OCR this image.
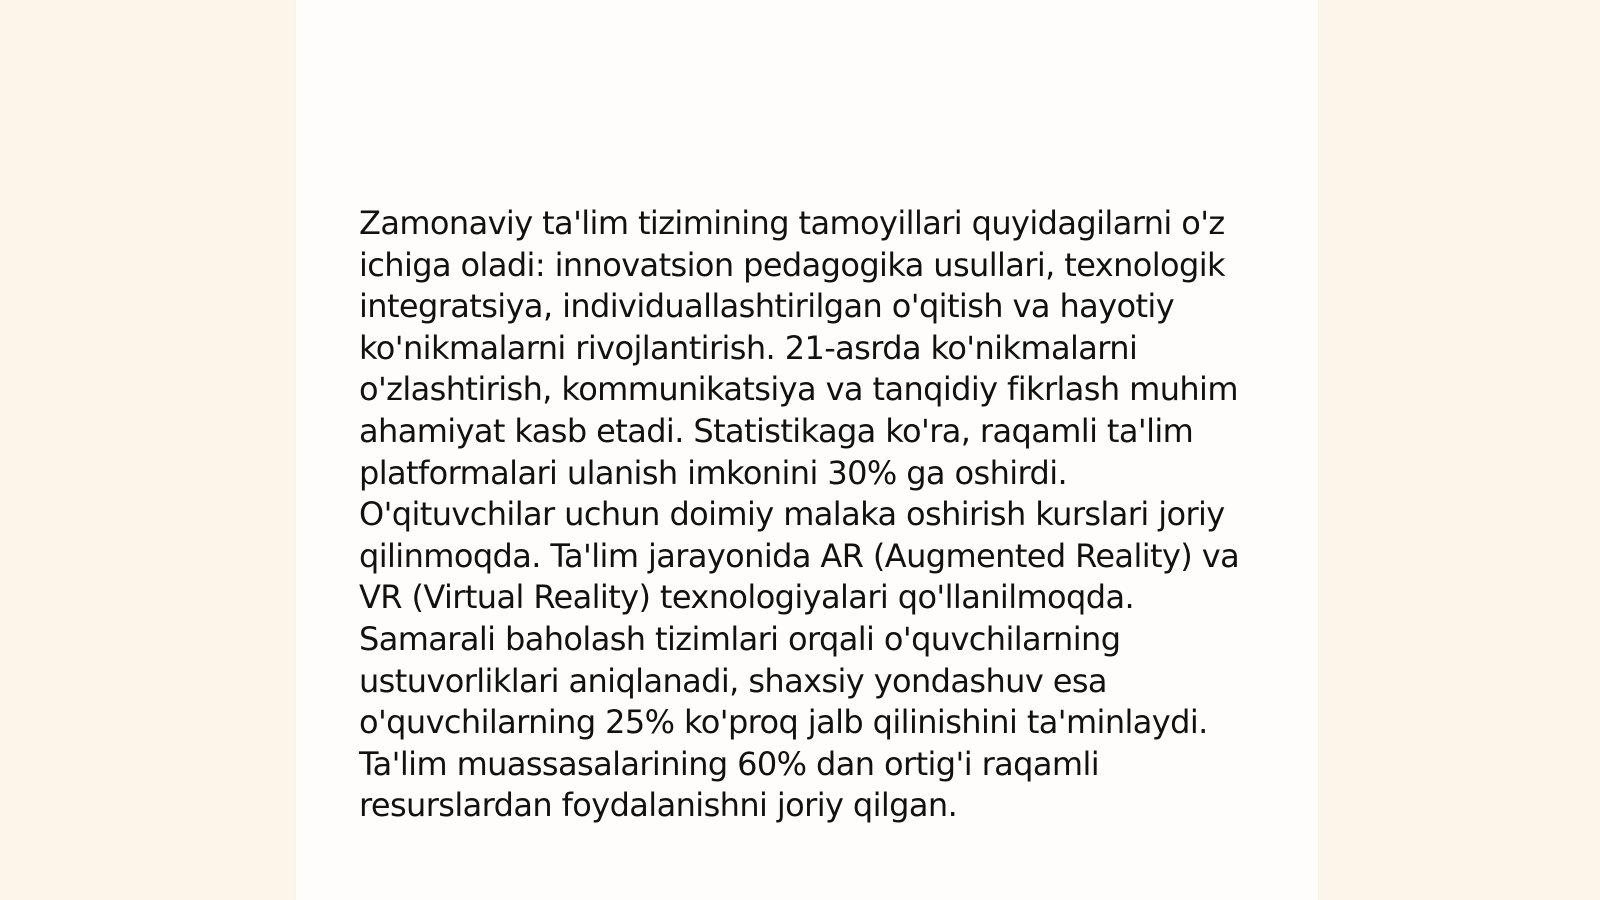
Zamonaviy ta'lim tizimining tamoyillari quyidagilarni o'z ichiga oladi: innovatsion pedagogika usullari, texnologik integratsiya, individuallashtirilgan o'qitish va hayotiy ko'nikmalarni rivojlantirish. 21-asrda ko'nikmalarni o'zlashtirish, kommunikatsiya va tanqidiy fikrlash muhim ahamiyat kasb etadi. Statistikaga ko'ra, raqamli ta'lim platformalari ulanish imkonini 30% ga oshirdi. O'qituvchilar uchun doimiy malaka oshirish kurslari joriy qilinmoqda. Ta'lim jarayonida AR (Augmented Reality) va VR (Virtual Reality) texnologiyalari qo'llanilmoqda. Samarali baholash tizimlari orqali o'quvchilarning ustuvorliklari aniqlanadi, shaxsiy yondashuv esa o'quvchilarning 25% ko'proq jalb qilinishini ta'minlaydi. Ta'lim muassasalarining 60% dan ortig'i raqamli resurslardan foydalanishni joriy qilgan.
